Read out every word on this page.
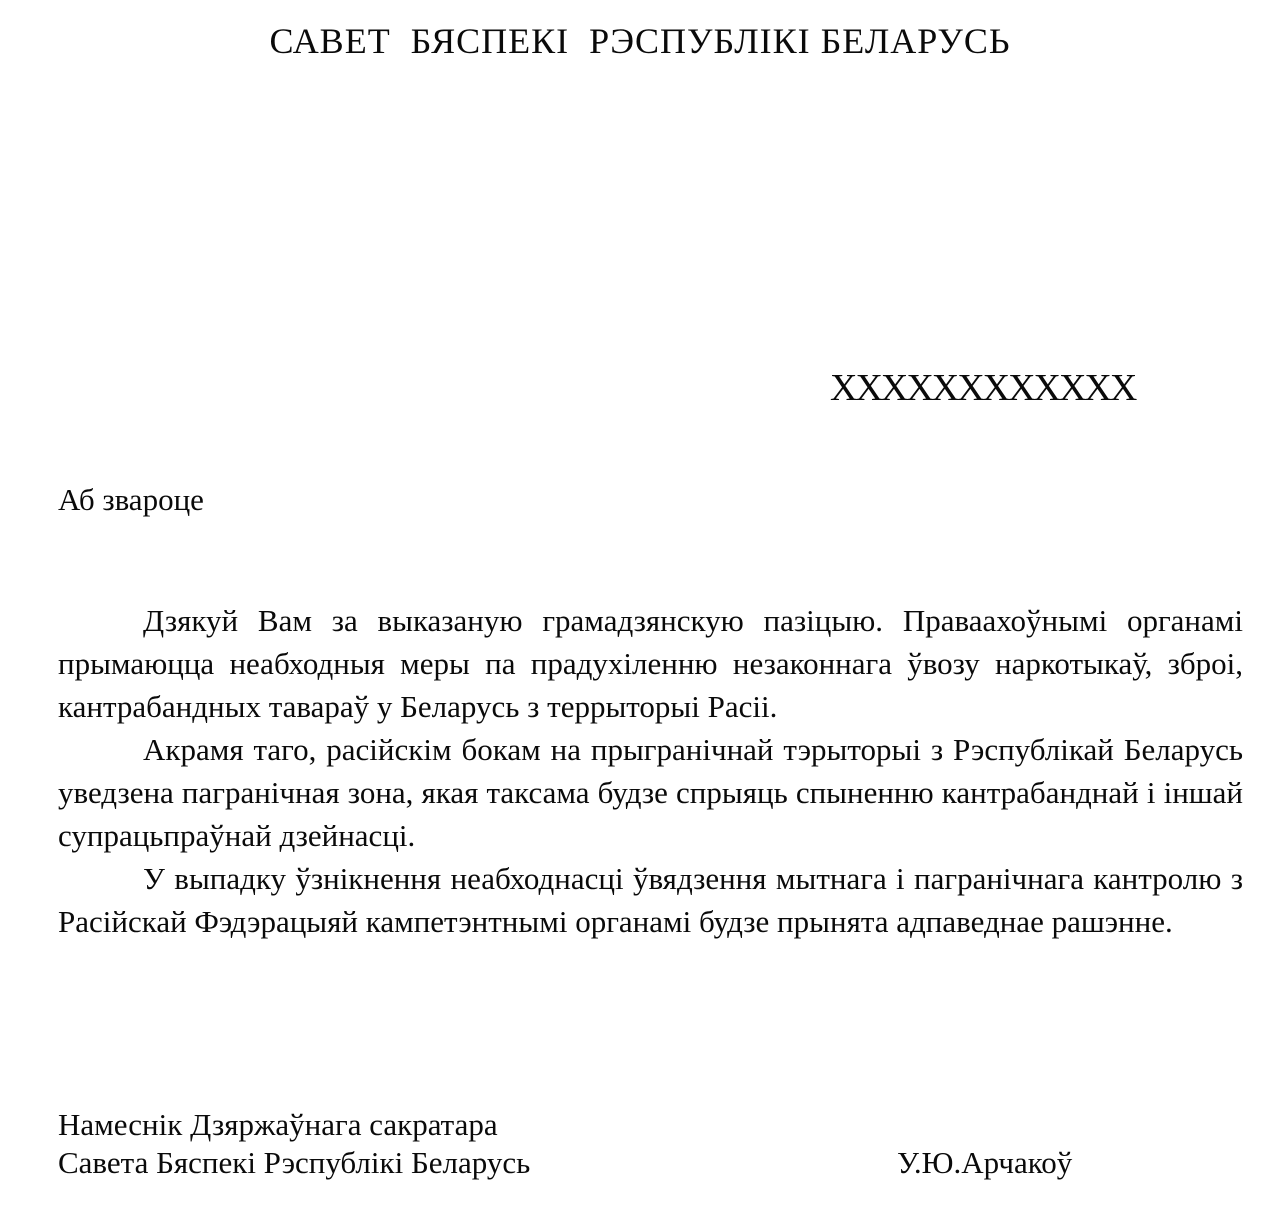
САВЕТ  БЯСПЕКІ  РЭСПУБЛІКІ БЕЛАРУСЬ
XXXXXXXXXXXX
Аб звароце

Дзякуй Вам за выказаную грамадзянскую пазіцыю. Праваахоўнымі органамі прымаюцца неабходныя меры па прадухіленню незаконнага ўвозу наркотыкаў, зброі, кантрабандных тавараў у Беларусь з террыторыі Расіі.

Акрамя таго, расійскім бокам на прыгранічнай тэрыторыі з Рэспублікай Беларусь уведзена пагранічная зона, якая таксама будзе спрыяць спыненню кантрабанднай і іншай супрацьпраўнай дзейнасці.

У выпадку ўзнікнення неабходнасці ўвядзення мытнага і пагранічнага кантролю з Расійскай Фэдэрацыяй кампетэнтнымі органамі будзе прынята адпаведнае рашэнне.

Намеснік Дзяржаўнага сакратара
Савета Бяспекі Рэспублікі Беларусь	У.Ю.Арчакоў
